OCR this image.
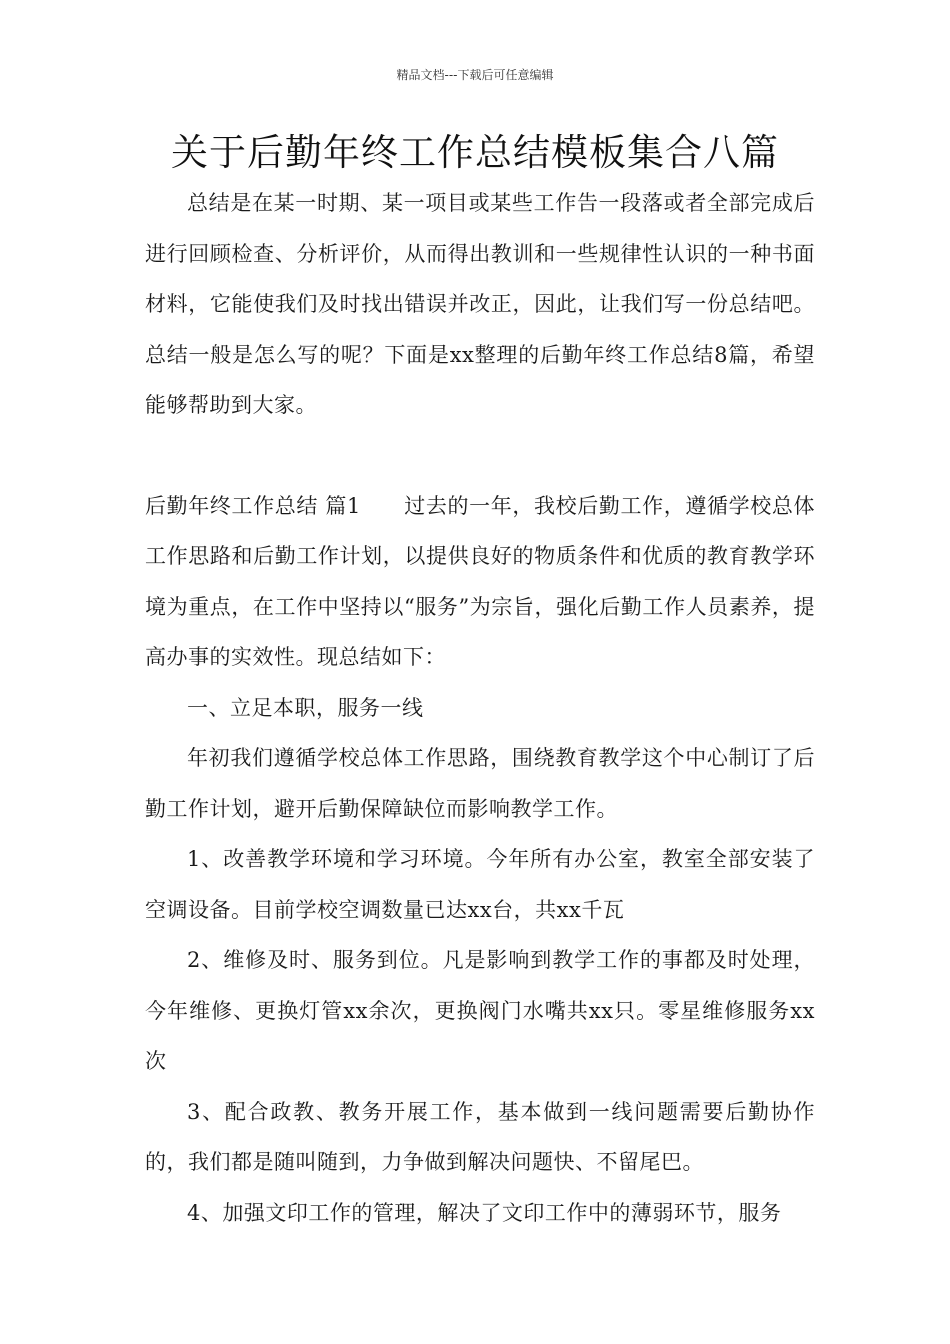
精品文档---下载后可任意编辑
关于后勤年终工作总结模板集合八篇

总结是在某一时期、某一项目或某些工作告一段落或者全部完成后进行回顾检查、分析评价，从而得出教训和一些规律性认识的一种书面材料，它能使我们及时找出错误并改正，因此，让我们写一份总结吧。总结一般是怎么写的呢？下面是xx整理的后勤年终工作总结8篇，希望能够帮助到大家。

后勤年终工作总结 篇1　　过去的一年，我校后勤工作，遵循学校总体工作思路和后勤工作计划，以提供良好的物质条件和优质的教育教学环境为重点，在工作中坚持以“服务”为宗旨，强化后勤工作人员素养，提高办事的实效性。现总结如下：

一、立足本职，服务一线

年初我们遵循学校总体工作思路，围绕教育教学这个中心制订了后勤工作计划，避开后勤保障缺位而影响教学工作。

1、改善教学环境和学习环境。今年所有办公室，教室全部安装了空调设备。目前学校空调数量已达xx台，共xx千瓦

2、维修及时、服务到位。凡是影响到教学工作的事都及时处理，今年维修、更换灯管xx余次，更换阀门水嘴共xx只。零星维修服务xx次

3、配合政教、教务开展工作，基本做到一线问题需要后勤协作的，我们都是随叫随到，力争做到解决问题快、不留尾巴。

4、加强文印工作的管理，解决了文印工作中的薄弱环节，服务
